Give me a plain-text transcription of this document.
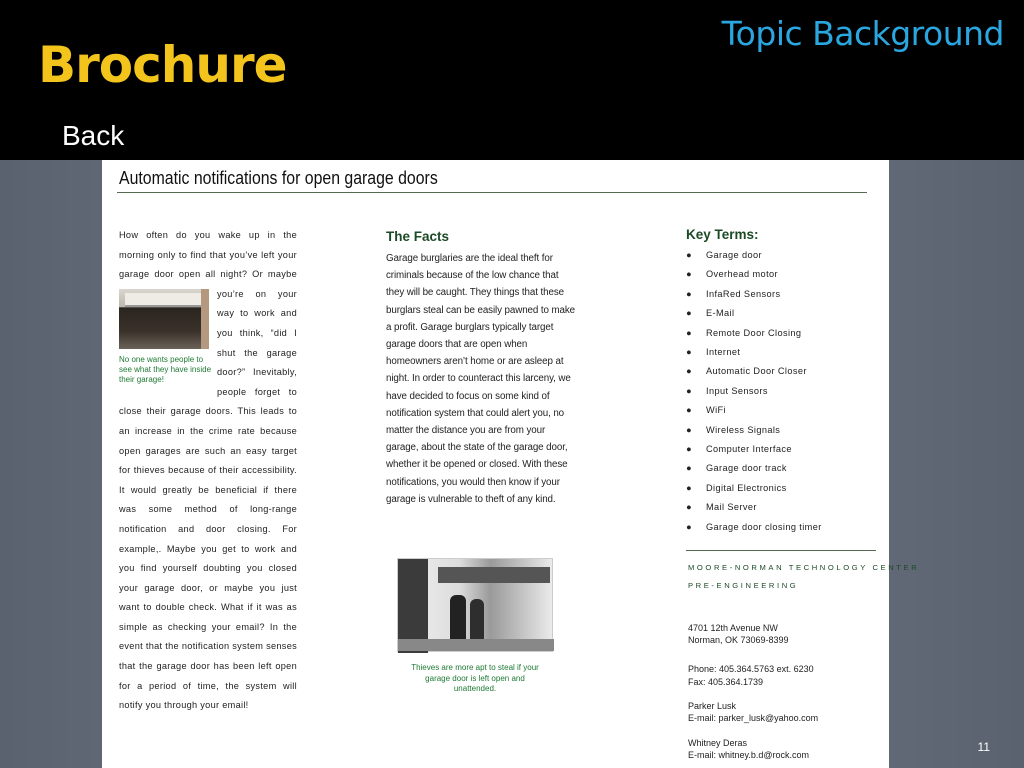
Brochure
Topic Background
Back
Automatic notifications for open garage doors
How often do you wake up in the morning only to find that you’ve left your garage door open all night? Or
No one wants people to see what they have inside their garage!
maybe you’re on your way to work and you think, “did I shut the garage door?” Inevitably, people forget to close their garage doors. This leads to an increase in the crime rate because open garages are such an easy target for thieves because of their accessibility. It would greatly be beneficial if there was some method of long-range notification and door closing. For example,. Maybe you get to work and you find yourself doubting you closed your garage door, or maybe you just want to double check. What if it was as simple as checking your email? In the event that the notification system senses that the garage door has been left open for a period of time, the system will notify you through your email!
The Facts
Garage burglaries are the ideal theft for criminals because of the low chance that they will be caught. They things that these burglars steal can be easily pawned to make a profit. Garage burglars typically target garage doors that are open when homeowners aren’t home or are asleep at night. In order to counteract this larceny, we have decided to focus on some kind of notification system that could alert you, no matter the distance you are from your garage, about the state of the garage door, whether it be opened or closed. With these notifications, you would then know if your garage is vulnerable to theft of any kind.
Thieves are more apt to steal if your garage door is left open and unattended.
Key Terms:
● Garage door
● Overhead motor
● InfaRed Sensors
● E-Mail
● Remote Door Closing
● Internet
● Automatic Door Closer
● Input Sensors
● WiFi
● Wireless Signals
● Computer Interface
● Garage door track
● Digital Electronics
● Mail Server
● Garage door closing timer
MOORE-NORMAN TECHNOLOGY CENTER
PRE-ENGINEERING
4701 12th Avenue NW
Norman, OK 73069-8399
Phone: 405.364.5763 ext. 6230
Fax: 405.364.1739
Parker Lusk
E-mail: parker_lusk@yahoo.com
Whitney Deras
E-mail: whitney.b.d@rock.com
11
